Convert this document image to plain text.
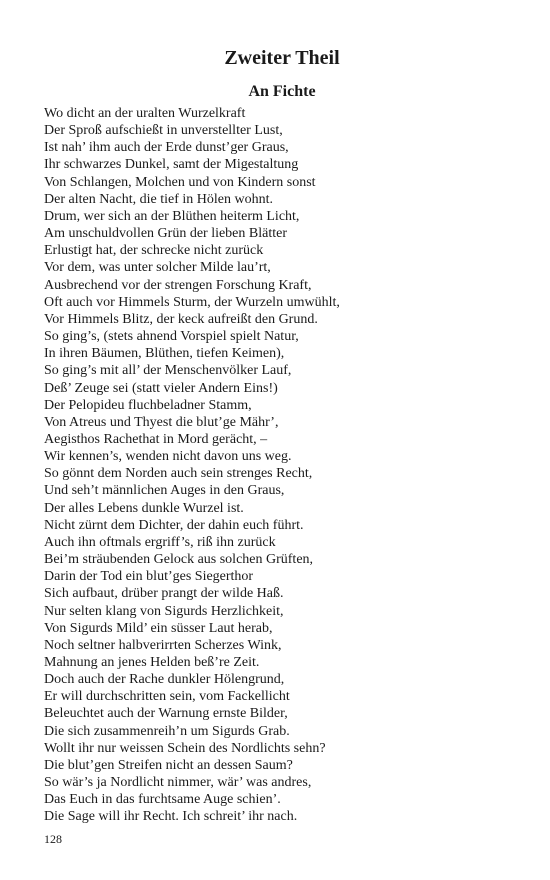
Zweiter Theil
An Fichte
Wo dicht an der uralten Wurzelkraft
Der Sproß aufschießt in unverstellter Lust,
Ist nah’ ihm auch der Erde dunst’ger Graus,
Ihr schwarzes Dunkel, samt der Migestaltung
Von Schlangen, Molchen und von Kindern sonst
Der alten Nacht, die tief in Hölen wohnt.
Drum, wer sich an der Blüthen heiterm Licht,
Am unschuldvollen Grün der lieben Blätter
Erlustigt hat, der schrecke nicht zurück
Vor dem, was unter solcher Milde lau’rt,
Ausbrechend vor der strengen Forschung Kraft,
Oft auch vor Himmels Sturm, der Wurzeln umwühlt,
Vor Himmels Blitz, der keck aufreißt den Grund.
So ging’s, (stets ahnend Vorspiel spielt Natur,
In ihren Bäumen, Blüthen, tiefen Keimen),
So ging’s mit all’ der Menschenvölker Lauf,
Deß’ Zeuge sei (statt vieler Andern Eins!)
Der Pelopideu fluchbeladner Stamm,
Von Atreus und Thyest die blut’ge Mähr’,
Aegisthos Rachethat in Mord gerächt, –
Wir kennen’s, wenden nicht davon uns weg.
So gönnt dem Norden auch sein strenges Recht,
Und seh’t männlichen Auges in den Graus,
Der alles Lebens dunkle Wurzel ist.
Nicht zürnt dem Dichter, der dahin euch führt.
Auch ihn oftmals ergriff’s, riß ihn zurück
Bei’m sträubenden Gelock aus solchen Grüften,
Darin der Tod ein blut’ges Siegerthor
Sich aufbaut, drüber prangt der wilde Haß.
Nur selten klang von Sigurds Herzlichkeit,
Von Sigurds Mild’ ein süsser Laut herab,
Noch seltner halbverirrten Scherzes Wink,
Mahnung an jenes Helden beß’re Zeit.
Doch auch der Rache dunkler Hölengrund,
Er will durchschritten sein, vom Fackellicht
Beleuchtet auch der Warnung ernste Bilder,
Die sich zusammenreih’n um Sigurds Grab.
Wollt ihr nur weissen Schein des Nordlichts sehn?
Die blut’gen Streifen nicht an dessen Saum?
So wär’s ja Nordlicht nimmer, wär’ was andres,
Das Euch in das furchtsame Auge schien’.
Die Sage will ihr Recht. Ich schreit’ ihr nach.
128
